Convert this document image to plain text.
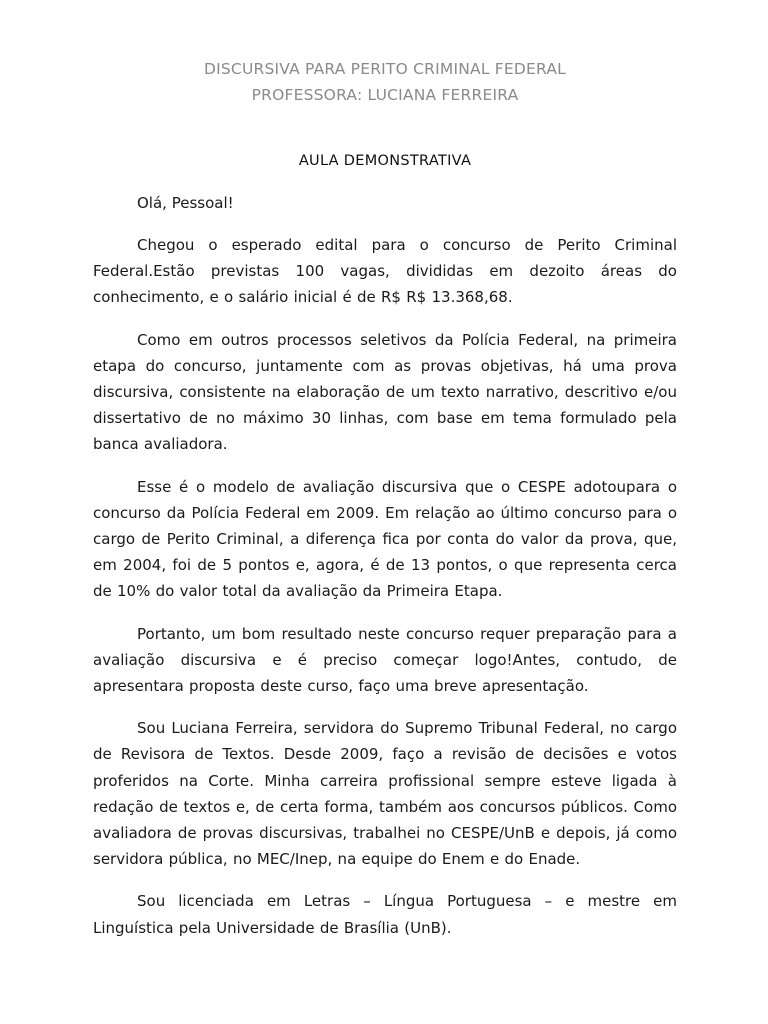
DISCURSIVA PARA PERITO CRIMINAL FEDERAL
PROFESSORA: LUCIANA FERREIRA
AULA DEMONSTRATIVA
Olá, Pessoal!

Chegou o esperado edital para o concurso de Perito Criminal Federal.Estão previstas 100 vagas, divididas em dezoito áreas do conhecimento, e o salário inicial é de R$ R$ 13.368,68.

Como em outros processos seletivos da Polícia Federal, na primeira etapa do concurso, juntamente com as provas objetivas, há uma prova discursiva, consistente na elaboração de um texto narrativo, descritivo e/ou dissertativo de no máximo 30 linhas, com base em tema formulado pela banca avaliadora.

Esse é o modelo de avaliação discursiva que o CESPE adotoupara o concurso da Polícia Federal em 2009. Em relação ao último concurso para o cargo de Perito Criminal, a diferença fica por conta do valor da prova, que, em 2004, foi de 5 pontos e, agora, é de 13 pontos, o que representa cerca de 10% do valor total da avaliação da Primeira Etapa.

Portanto, um bom resultado neste concurso requer preparação para a avaliação discursiva e é preciso começar logo!Antes, contudo, de apresentara proposta deste curso, faço uma breve apresentação.

Sou Luciana Ferreira, servidora do Supremo Tribunal Federal, no cargo de Revisora de Textos. Desde 2009, faço a revisão de decisões e votos proferidos na Corte. Minha carreira profissional sempre esteve ligada à redação de textos e, de certa forma, também aos concursos públicos. Como avaliadora de provas discursivas, trabalhei no CESPE/UnB e depois, já como servidora pública, no MEC/Inep, na equipe do Enem e do Enade.

Sou licenciada em Letras – Língua Portuguesa – e mestre em Linguística pela Universidade de Brasília (UnB).
